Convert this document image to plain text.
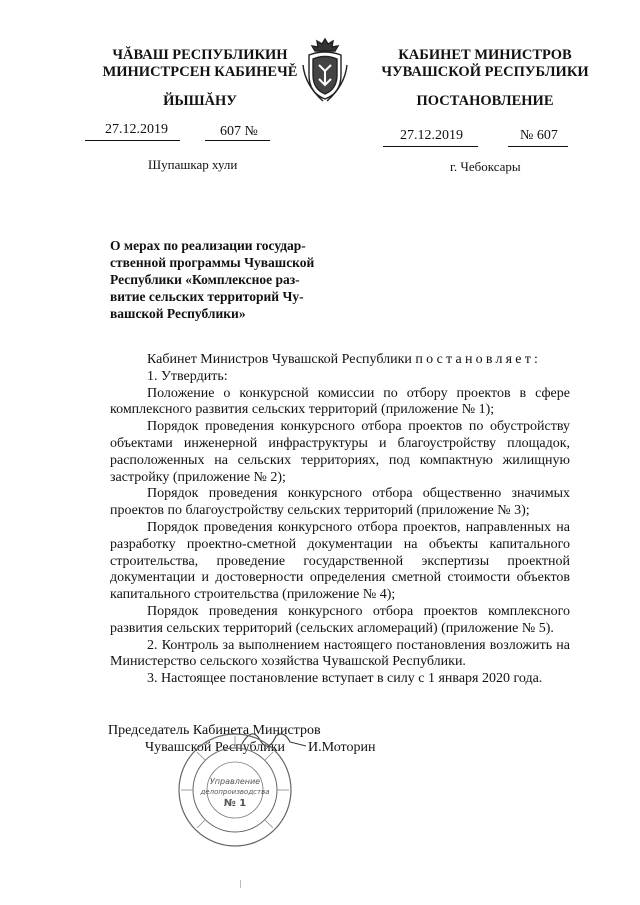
ЧĂВАШ РЕСПУБЛИКИН
МИНИСТРСЕН КАБИНЕЧĚ
ЙЫШĂНУ
КАБИНЕТ МИНИСТРОВ
ЧУВАШСКОЙ РЕСПУБЛИКИ
ПОСТАНОВЛЕНИЕ
27.12.2019	607 №	27.12.2019	№ 607
Шупашкар хули	г. Чебоксары
О мерах по реализации государ-
ственной программы Чувашской
Республики «Комплексное раз-
витие сельских территорий Чу-
вашской Республики»

Кабинет Министров Чувашской Республики постановляет:

1. Утвердить:

Положение о конкурсной комиссии по отбору проектов в сфере комплексного развития сельских территорий (приложение № 1);

Порядок проведения конкурсного отбора проектов по обустройству объектами инженерной инфраструктуры и благоустройству площадок, расположенных на сельских территориях, под компактную жилищную застройку (приложение № 2);

Порядок проведения конкурсного отбора общественно значимых проектов по благоустройству сельских территорий (приложение № 3);

Порядок проведения конкурсного отбора проектов, направленных на разработку проектно-сметной документации на объекты капитального строительства, проведение государственной экспертизы проектной документации и достоверности определения сметной стоимости объектов капитального строительства (приложение № 4);

Порядок проведения конкурсного отбора проектов комплексного развития сельских территорий (сельских агломераций) (приложение № 5).

2. Контроль за выполнением настоящего постановления возложить на Министерство сельского хозяйства Чувашской Республики.

3. Настоящее постановление вступает в силу с 1 января 2020 года.

Председатель Кабинета Министров
Чувашской Республики И.Моторин
Управление
делопроизводства
№ 1
